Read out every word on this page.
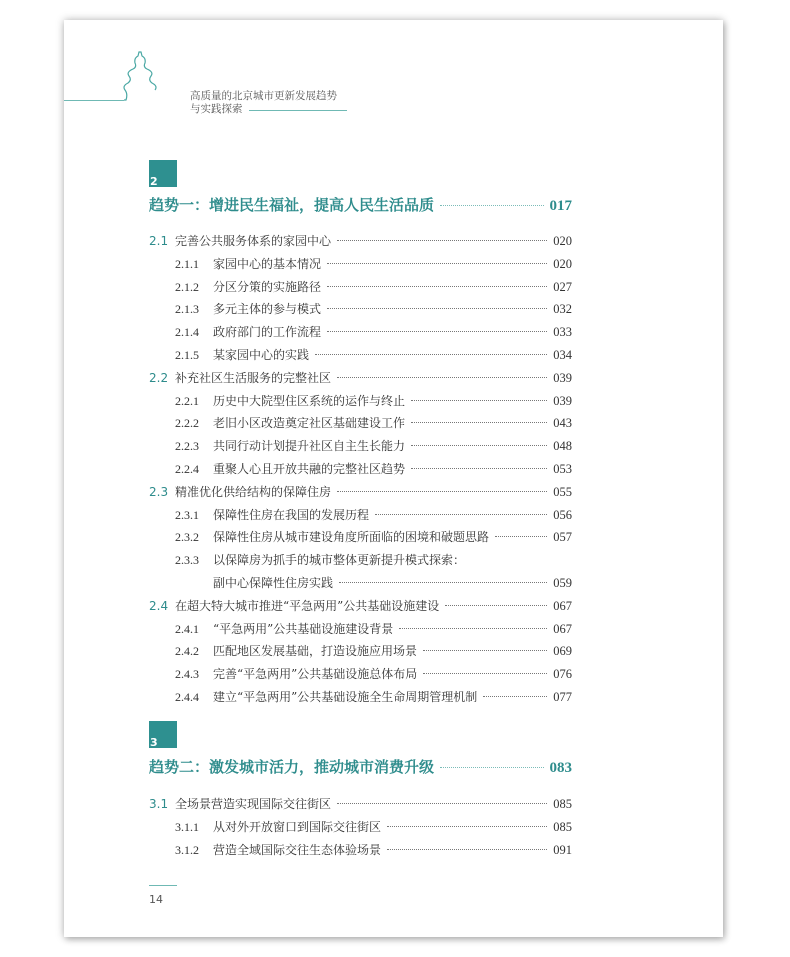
高质量的北京城市更新发展趋势
与实践探索
2
趋势一：增进民生福祉，提高人民生活品质	017
2.1 完善公共服务体系的家园中心	020
2.1.1	家园中心的基本情况	020
2.1.2	分区分策的实施路径	027
2.1.3	多元主体的参与模式	032
2.1.4	政府部门的工作流程	033
2.1.5	某家园中心的实践	034
2.2 补充社区生活服务的完整社区	039
2.2.1	历史中大院型住区系统的运作与终止	039
2.2.2	老旧小区改造奠定社区基础建设工作	043
2.2.3	共同行动计划提升社区自主生长能力	048
2.2.4	重聚人心且开放共融的完整社区趋势	053
2.3 精准优化供给结构的保障住房	055
2.3.1	保障性住房在我国的发展历程	056
2.3.2	保障性住房从城市建设角度所面临的困境和破题思路	057
2.3.3	以保障房为抓手的城市整体更新提升模式探索：
副中心保障性住房实践	059
2.4 在超大特大城市推进“平急两用”公共基础设施建设	067
2.4.1	“平急两用”公共基础设施建设背景	067
2.4.2	匹配地区发展基础，打造设施应用场景	069
2.4.3	完善“平急两用”公共基础设施总体布局	076
2.4.4	建立“平急两用”公共基础设施全生命周期管理机制	077
3
趋势二：激发城市活力，推动城市消费升级	083
3.1 全场景营造实现国际交往街区	085
3.1.1	从对外开放窗口到国际交往街区	085
3.1.2	营造全域国际交往生态体验场景	091
14
